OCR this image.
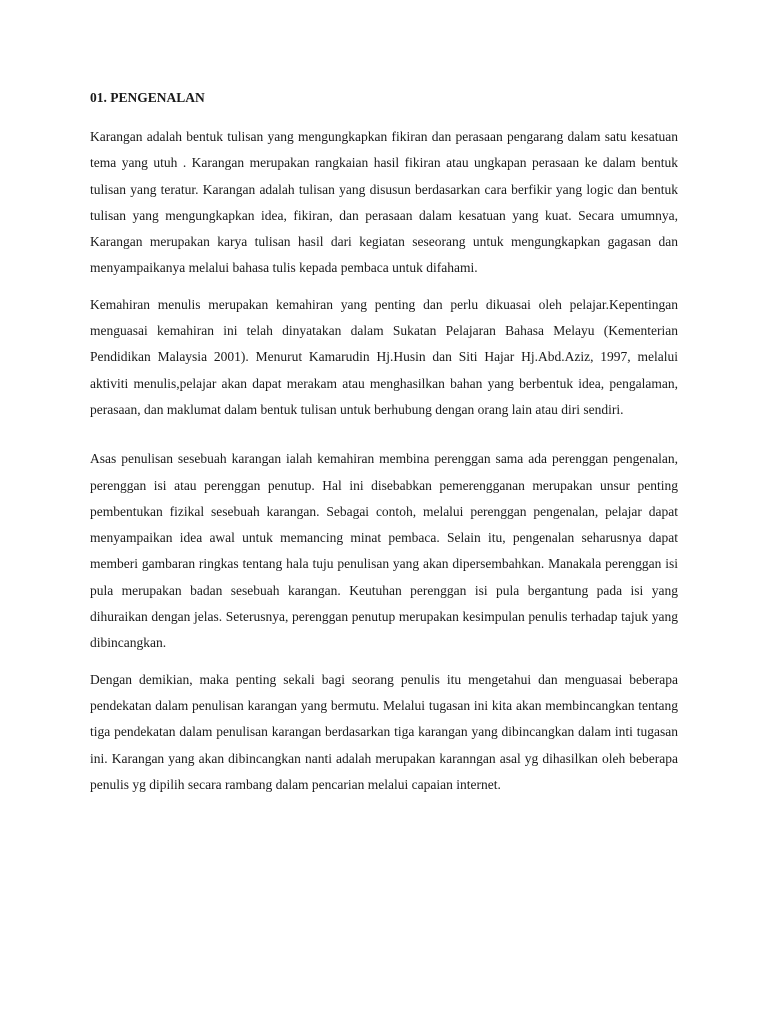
01. PENGENALAN

Karangan adalah bentuk tulisan yang mengungkapkan fikiran dan perasaan pengarang dalam satu kesatuan tema yang utuh . Karangan merupakan rangkaian hasil fikiran atau ungkapan perasaan ke dalam bentuk tulisan yang teratur. Karangan adalah tulisan yang disusun berdasarkan cara berfikir yang logic dan bentuk tulisan yang mengungkapkan idea, fikiran, dan perasaan dalam kesatuan yang kuat. Secara umumnya, Karangan merupakan karya tulisan hasil dari kegiatan seseorang untuk mengungkapkan gagasan dan menyampaikanya melalui bahasa tulis kepada pembaca untuk difahami.

Kemahiran menulis merupakan kemahiran yang penting dan perlu dikuasai oleh pelajar.Kepentingan menguasai kemahiran ini telah dinyatakan dalam Sukatan Pelajaran Bahasa Melayu (Kementerian Pendidikan Malaysia 2001). Menurut Kamarudin Hj.Husin dan Siti Hajar Hj.Abd.Aziz, 1997, melalui aktiviti menulis,pelajar akan dapat merakam atau menghasilkan bahan yang berbentuk idea, pengalaman, perasaan, dan maklumat dalam bentuk tulisan untuk berhubung dengan orang lain atau diri sendiri.

Asas penulisan sesebuah karangan ialah kemahiran membina perenggan sama ada perenggan pengenalan, perenggan isi atau perenggan penutup. Hal ini disebabkan pemerengganan merupakan unsur penting pembentukan fizikal sesebuah karangan. Sebagai contoh, melalui perenggan pengenalan, pelajar dapat menyampaikan idea awal untuk memancing minat pembaca. Selain itu, pengenalan seharusnya dapat memberi gambaran ringkas tentang hala tuju penulisan yang akan dipersembahkan. Manakala perenggan isi pula merupakan badan sesebuah karangan. Keutuhan perenggan isi pula bergantung pada isi yang dihuraikan dengan jelas. Seterusnya, perenggan penutup merupakan kesimpulan penulis terhadap tajuk yang dibincangkan.

Dengan demikian, maka penting sekali bagi seorang penulis itu mengetahui dan menguasai beberapa pendekatan dalam penulisan karangan yang bermutu. Melalui tugasan ini kita akan membincangkan tentang tiga pendekatan dalam penulisan karangan berdasarkan tiga karangan yang dibincangkan dalam inti tugasan ini. Karangan yang akan dibincangkan nanti adalah merupakan karanngan asal yg dihasilkan oleh beberapa penulis yg dipilih secara rambang dalam pencarian melalui capaian internet.
